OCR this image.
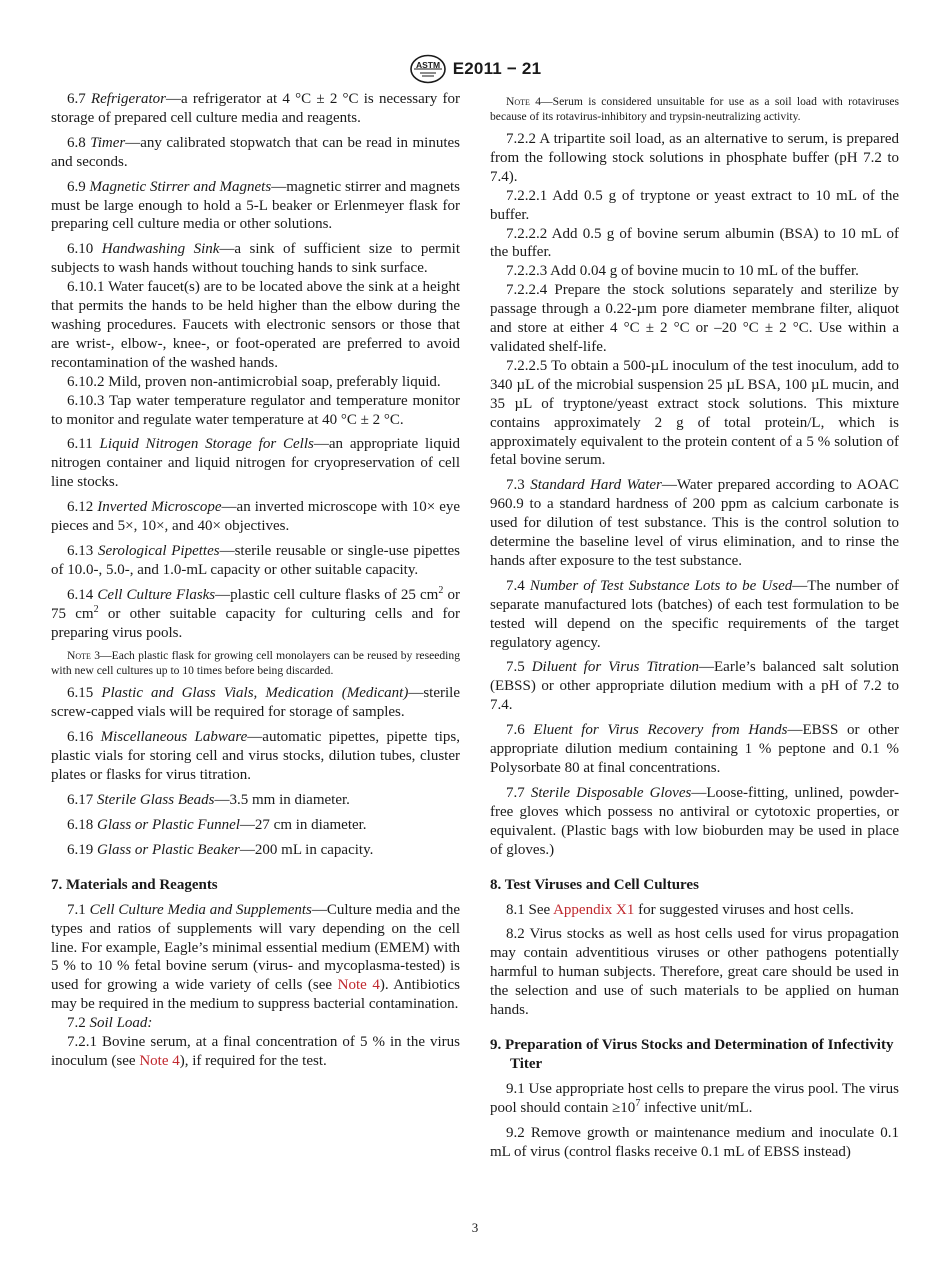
ASTM E2011 − 21

6.7 Refrigerator—a refrigerator at 4 °C ± 2 °C is necessary for storage of prepared cell culture media and reagents.

6.8 Timer—any calibrated stopwatch that can be read in minutes and seconds.

6.9 Magnetic Stirrer and Magnets—magnetic stirrer and magnets must be large enough to hold a 5-L beaker or Erlenmeyer flask for preparing cell culture media or other solutions.

6.10 Handwashing Sink—a sink of sufficient size to permit subjects to wash hands without touching hands to sink surface.

6.10.1 Water faucet(s) are to be located above the sink at a height that permits the hands to be held higher than the elbow during the washing procedures. Faucets with electronic sensors or those that are wrist-, elbow-, knee-, or foot-operated are preferred to avoid recontamination of the washed hands.

6.10.2 Mild, proven non-antimicrobial soap, preferably liquid.

6.10.3 Tap water temperature regulator and temperature monitor to monitor and regulate water temperature at 40 °C ± 2 °C.

6.11 Liquid Nitrogen Storage for Cells—an appropriate liquid nitrogen container and liquid nitrogen for cryopreservation of cell line stocks.

6.12 Inverted Microscope—an inverted microscope with 10× eye pieces and 5×, 10×, and 40× objectives.

6.13 Serological Pipettes—sterile reusable or single-use pipettes of 10.0-, 5.0-, and 1.0-mL capacity or other suitable capacity.

6.14 Cell Culture Flasks—plastic cell culture flasks of 25 $cm^2$ or 75 $cm^2$ or other suitable capacity for culturing cells and for preparing virus pools.

Note 3—Each plastic flask for growing cell monolayers can be reused by reseeding with new cell cultures up to 10 times before being discarded.

6.15 Plastic and Glass Vials, Medication (Medicant)—sterile screw-capped vials will be required for storage of samples.

6.16 Miscellaneous Labware—automatic pipettes, pipette tips, plastic vials for storing cell and virus stocks, dilution tubes, cluster plates or flasks for virus titration.

6.17 Sterile Glass Beads—3.5 mm in diameter.

6.18 Glass or Plastic Funnel—27 cm in diameter.

6.19 Glass or Plastic Beaker—200 mL in capacity.

7. Materials and Reagents

7.1 Cell Culture Media and Supplements—Culture media and the types and ratios of supplements will vary depending on the cell line. For example, Eagle’s minimal essential medium (EMEM) with 5 % to 10 % fetal bovine serum (virus- and mycoplasma-tested) is used for growing a wide variety of cells (see Note 4). Antibiotics may be required in the medium to suppress bacterial contamination.

7.2 Soil Load:

7.2.1 Bovine serum, at a final concentration of 5 % in the virus inoculum (see Note 4), if required for the test.

Note 4—Serum is considered unsuitable for use as a soil load with rotaviruses because of its rotavirus-inhibitory and trypsin-neutralizing activity.

7.2.2 A tripartite soil load, as an alternative to serum, is prepared from the following stock solutions in phosphate buffer (pH 7.2 to 7.4).

7.2.2.1 Add 0.5 g of tryptone or yeast extract to 10 mL of the buffer.

7.2.2.2 Add 0.5 g of bovine serum albumin (BSA) to 10 mL of the buffer.

7.2.2.3 Add 0.04 g of bovine mucin to 10 mL of the buffer.

7.2.2.4 Prepare the stock solutions separately and sterilize by passage through a 0.22-µm pore diameter membrane filter, aliquot and store at either 4 °C ± 2 °C or –20 °C ± 2 °C. Use within a validated shelf-life.

7.2.2.5 To obtain a 500-µL inoculum of the test inoculum, add to 340 µL of the microbial suspension 25 µL BSA, 100 µL mucin, and 35 µL of tryptone/yeast extract stock solutions. This mixture contains approximately 2 g of total protein/L, which is approximately equivalent to the protein content of a 5 % solution of fetal bovine serum.

7.3 Standard Hard Water—Water prepared according to AOAC 960.9 to a standard hardness of 200 ppm as calcium carbonate is used for dilution of test substance. This is the control solution to determine the baseline level of virus elimination, and to rinse the hands after exposure to the test substance.

7.4 Number of Test Substance Lots to be Used—The number of separate manufactured lots (batches) of each test formulation to be tested will depend on the specific requirements of the target regulatory agency.

7.5 Diluent for Virus Titration—Earle’s balanced salt solution (EBSS) or other appropriate dilution medium with a pH of 7.2 to 7.4.

7.6 Eluent for Virus Recovery from Hands—EBSS or other appropriate dilution medium containing 1 % peptone and 0.1 % Polysorbate 80 at final concentrations.

7.7 Sterile Disposable Gloves—Loose-fitting, unlined, powder-free gloves which possess no antiviral or cytotoxic properties, or equivalent. (Plastic bags with low bioburden may be used in place of gloves.)

8. Test Viruses and Cell Cultures

8.1 See Appendix X1 for suggested viruses and host cells.

8.2 Virus stocks as well as host cells used for virus propagation may contain adventitious viruses or other pathogens potentially harmful to human subjects. Therefore, great care should be used in the selection and use of such materials to be applied on human hands.

9. Preparation of Virus Stocks and Determination of Infectivity Titer

9.1 Use appropriate host cells to prepare the virus pool. The virus pool should contain $\ge 10^7$ infective unit/mL.

9.2 Remove growth or maintenance medium and inoculate 0.1 mL of virus (control flasks receive 0.1 mL of EBSS instead)

3
